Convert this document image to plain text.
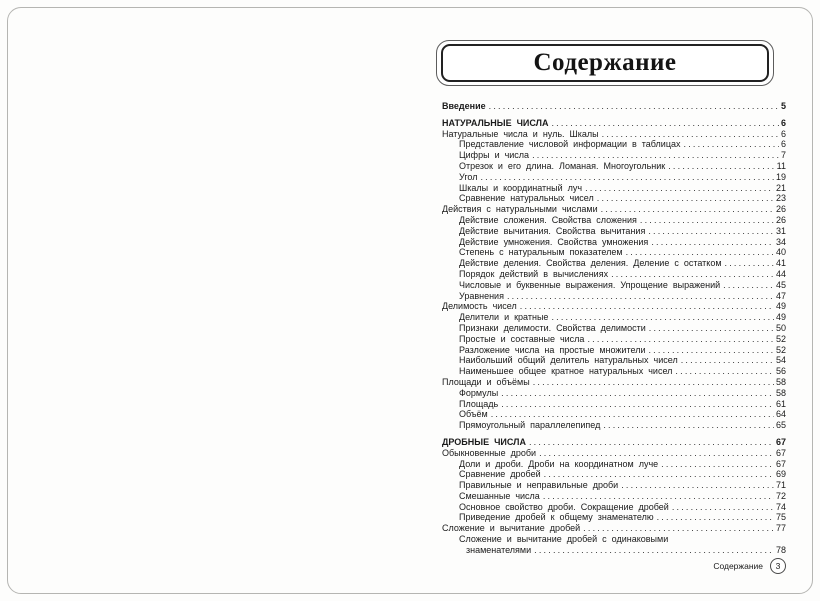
Содержание
Введение .....	5
НАТУРАЛЬНЫЕ ЧИСЛА .....	6
Натуральные числа и нуль. Шкалы .....	6
Представление числовой информации в таблицах .....	6
Цифры и числа .....	7
Отрезок и его длина. Ломаная. Многоугольник .....	11
Угол .....	19
Шкалы и координатный луч .....	21
Сравнение натуральных чисел .....	23
Действия с натуральными числами .....	26
Действие сложения. Свойства сложения .....	26
Действие вычитания. Свойства вычитания .....	31
Действие умножения. Свойства умножения .....	34
Степень с натуральным показателем .....	40
Действие деления. Свойства деления. Деление с остатком .....	41
Порядок действий в вычислениях .....	44
Числовые и буквенные выражения. Упрощение выражений .....	45
Уравнения .....	47
Делимость чисел .....	49
Делители и кратные .....	49
Признаки делимости. Свойства делимости .....	50
Простые и составные числа .....	52
Разложение числа на простые множители .....	52
Наибольший общий делитель натуральных чисел .....	54
Наименьшее общее кратное натуральных чисел .....	56
Площади и объёмы .....	58
Формулы .....	58
Площадь .....	61
Объём .....	64
Прямоугольный параллелепипед .....	65
ДРОБНЫЕ ЧИСЛА .....	67
Обыкновенные дроби .....	67
Доли и дроби. Дроби на координатном луче .....	67
Сравнение дробей .....	69
Правильные и неправильные дроби .....	71
Смешанные числа .....	72
Основное свойство дроби. Сокращение дробей .....	74
Приведение дробей к общему знаменателю .....	75
Сложение и вычитание дробей .....	77
Сложение и вычитание дробей с одинаковыми
знаменателями .....	78
Содержание 3
